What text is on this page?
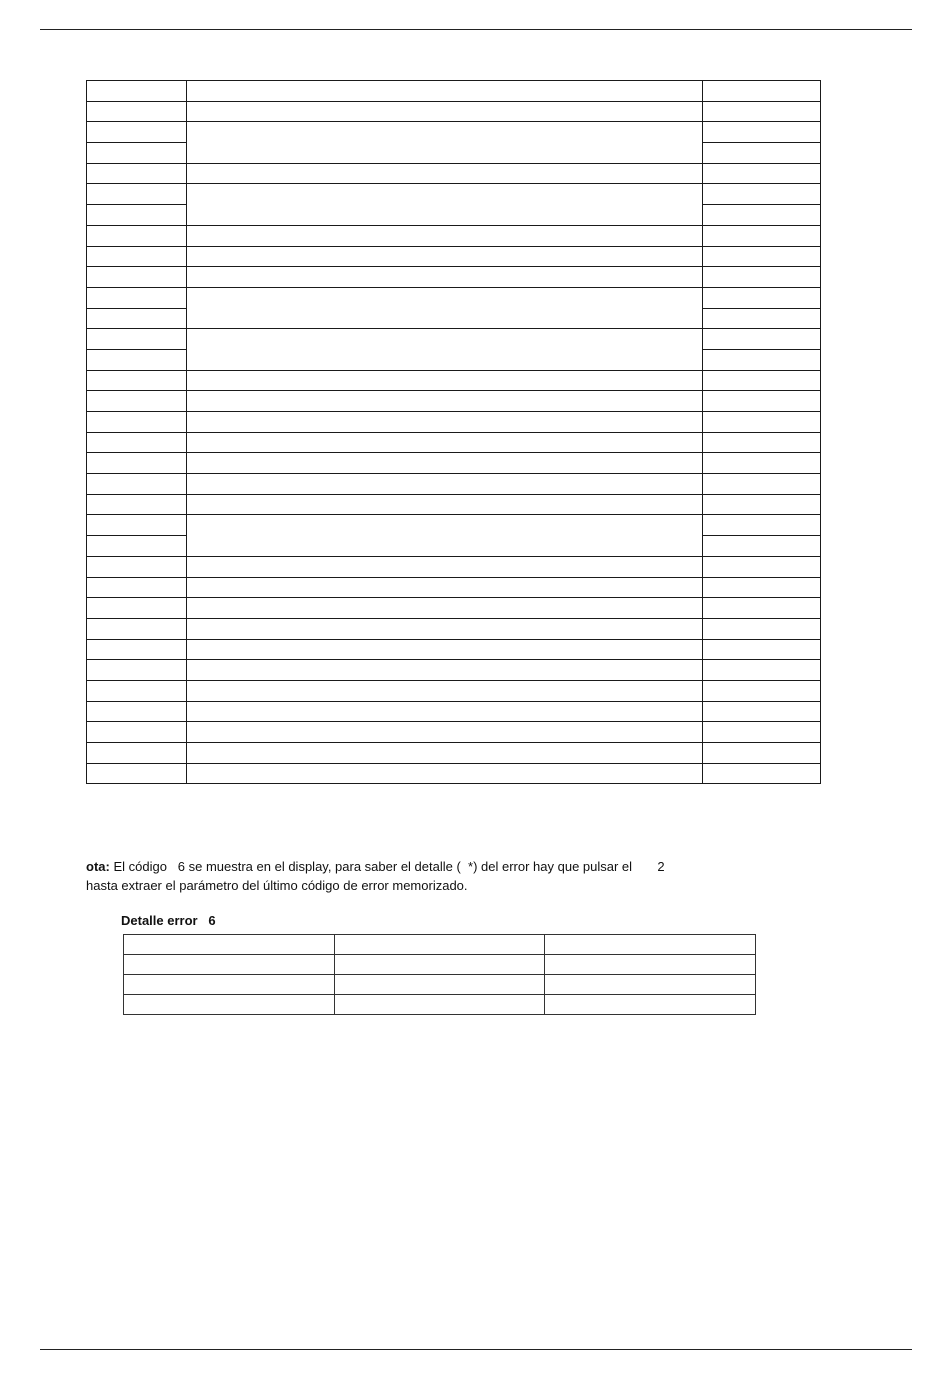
ota: El código   6 se muestra en el display, para saber el detalle (  *) del error hay que pulsar el       2
hasta extraer el parámetro del último código de error memorizado.
Detalle error   6
